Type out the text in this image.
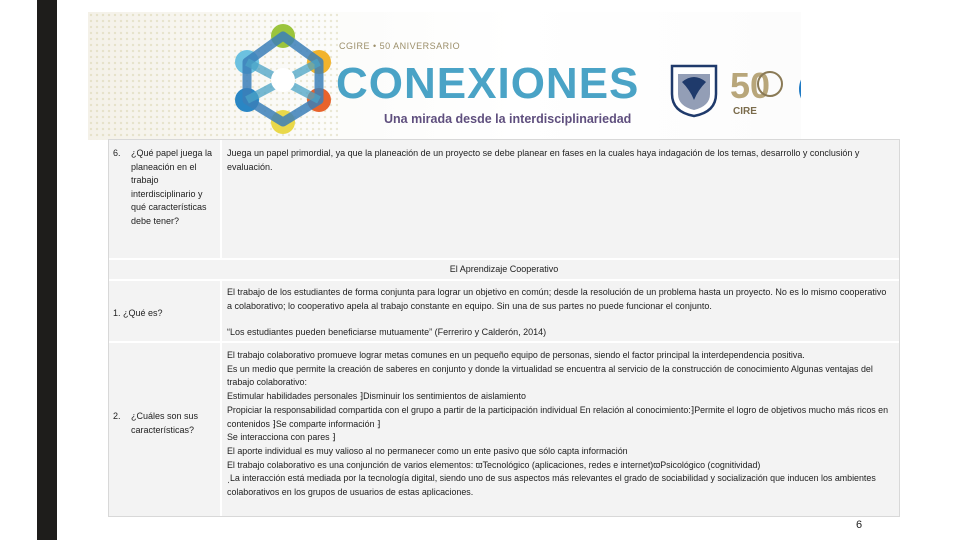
CGIRE • 50 ANIVERSARIO
CONEXIONES
Una mirada desde la interdisciplinariedad
50
CIRE
SI
UKAM
6.	¿Qué papel juega la planeación en el trabajo interdisciplinario y qué características debe tener?
Juega un papel primordial, ya que la planeación de un proyecto se debe planear en fases en la cuales haya indagación de los temas, desarrollo y conclusión y evaluación.
El Aprendizaje Cooperativo
1. ¿Qué es?
El trabajo de los estudiantes de forma conjunta para lograr un objetivo en común; desde la resolución de un problema hasta un proyecto. No es lo mismo cooperativo a colaborativo; lo cooperativo apela al trabajo constante en equipo. Sin una de sus partes no puede funcionar el conjunto.
“Los estudiantes pueden beneficiarse mutuamente” (Ferreriro y Calderón, 2014)
2.	¿Cuáles son sus características?
El trabajo colaborativo promueve lograr metas comunes en un pequeño equipo de personas, siendo el factor principal la interdependencia positiva.
Es un medio que permite la creación de saberes en conjunto y donde la virtualidad se encuentra al servicio de la construcción de conocimiento Algunas ventajas del trabajo colaborativo:
Estimular habilidades personales ⁆Disminuir los sentimientos de aislamiento
Propiciar la responsabilidad compartida con el grupo a partir de la participación individual En relación al conocimiento:⁆Permite el logro de objetivos mucho más ricos en contenidos ⁆Se comparte información ⁆
Se interacciona con pares ⁆
El aporte individual es muy valioso al no permanecer como un ente pasivo que sólo capta información
El trabajo colaborativo es una conjunción de varios elementos: ϖTecnológico (aplicaciones, redes e internet)ϖPsicológico (cognitividad)
ͺLa interacción está mediada por la tecnología digital, siendo uno de sus aspectos más relevantes el grado de sociabilidad y socialización que inducen los ambientes colaborativos en los grupos de usuarios de estas aplicaciones.
6
